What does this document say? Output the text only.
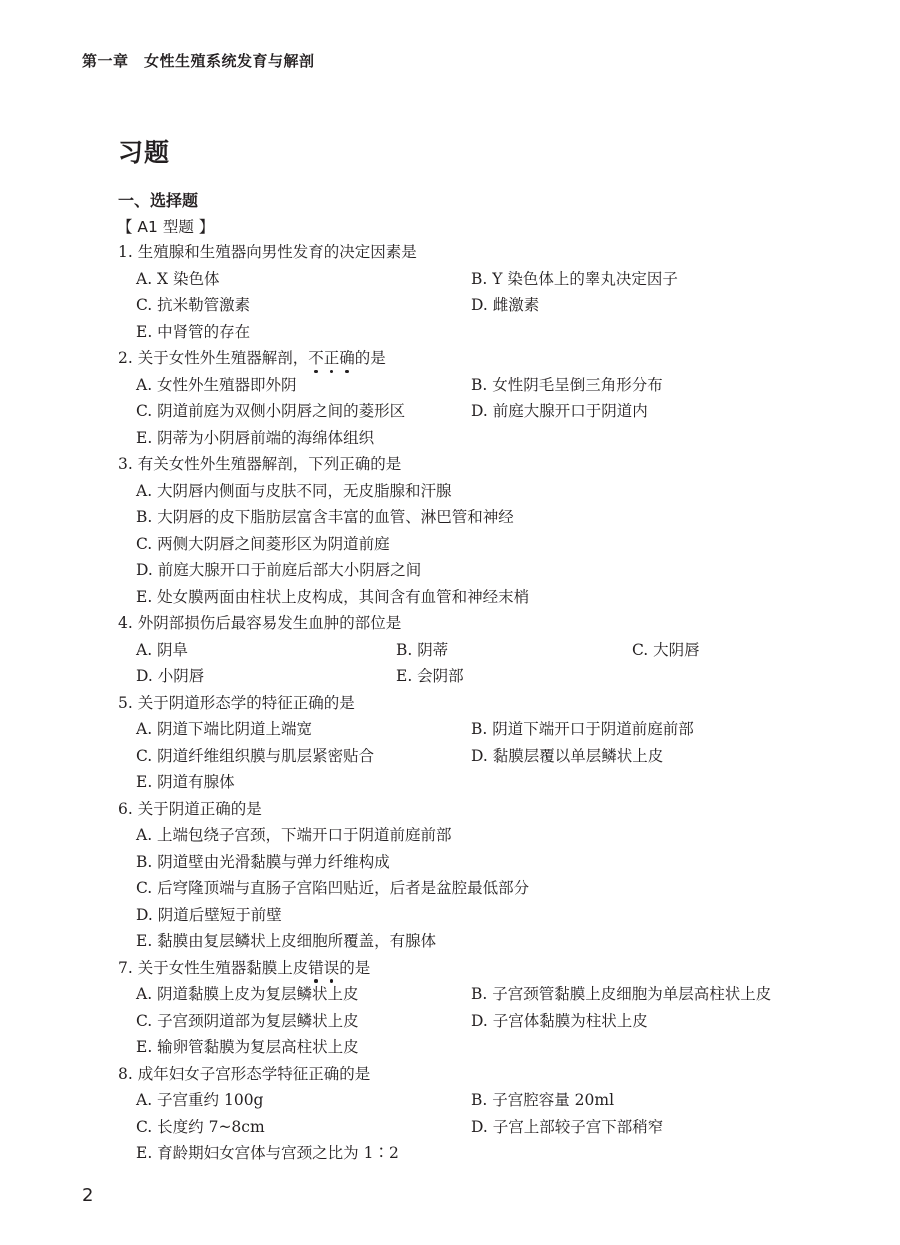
第一章　女性生殖系统发育与解剖
习题
一、选择题
【 A1 型题 】
1. 生殖腺和生殖器向男性发育的决定因素是
A. X 染色体	B. Y 染色体上的睾丸决定因子
C. 抗米勒管激素	D. 雌激素
E. 中肾管的存在
2. 关于女性外生殖器解剖，不正确
的是
A. 女性外生殖器即外阴	B. 女性阴毛呈倒三角形分布
C. 阴道前庭为双侧小阴唇之间的菱形区	D. 前庭大腺开口于阴道内
E. 阴蒂为小阴唇前端的海绵体组织
3. 有关女性外生殖器解剖，下列正确的是
A. 大阴唇内侧面与皮肤不同，无皮脂腺和汗腺
B. 大阴唇的皮下脂肪层富含丰富的血管、淋巴管和神经
C. 两侧大阴唇之间菱形区为阴道前庭
D. 前庭大腺开口于前庭后部大小阴唇之间
E. 处女膜两面由柱状上皮构成，其间含有血管和神经末梢
4. 外阴部损伤后最容易发生血肿的部位是
A. 阴阜	B. 阴蒂	C. 大阴唇
D. 小阴唇	E. 会阴部
5. 关于阴道形态学的特征正确的是
A. 阴道下端比阴道上端宽	B. 阴道下端开口于阴道前庭前部
C. 阴道纤维组织膜与肌层紧密贴合	D. 黏膜层覆以单层鳞状上皮
E. 阴道有腺体
6. 关于阴道正确的是
A. 上端包绕子宫颈，下端开口于阴道前庭前部
B. 阴道壁由光滑黏膜与弹力纤维构成
C. 后穹隆顶端与直肠子宫陷凹贴近，后者是盆腔最低部分
D. 阴道后壁短于前壁
E. 黏膜由复层鳞状上皮细胞所覆盖，有腺体
7. 关于女性生殖器黏膜上皮错误
的是
A. 阴道黏膜上皮为复层鳞状上皮	B. 子宫颈管黏膜上皮细胞为单层高柱状上皮
C. 子宫颈阴道部为复层鳞状上皮	D. 子宫体黏膜为柱状上皮
E. 输卵管黏膜为复层高柱状上皮
8. 成年妇女子宫形态学特征正确的是
A. 子宫重约 100g	B. 子宫腔容量 20ml
C. 长度约 7~8cm	D. 子宫上部较子宫下部稍窄
E. 育龄期妇女宫体与宫颈之比为 1∶2
2
